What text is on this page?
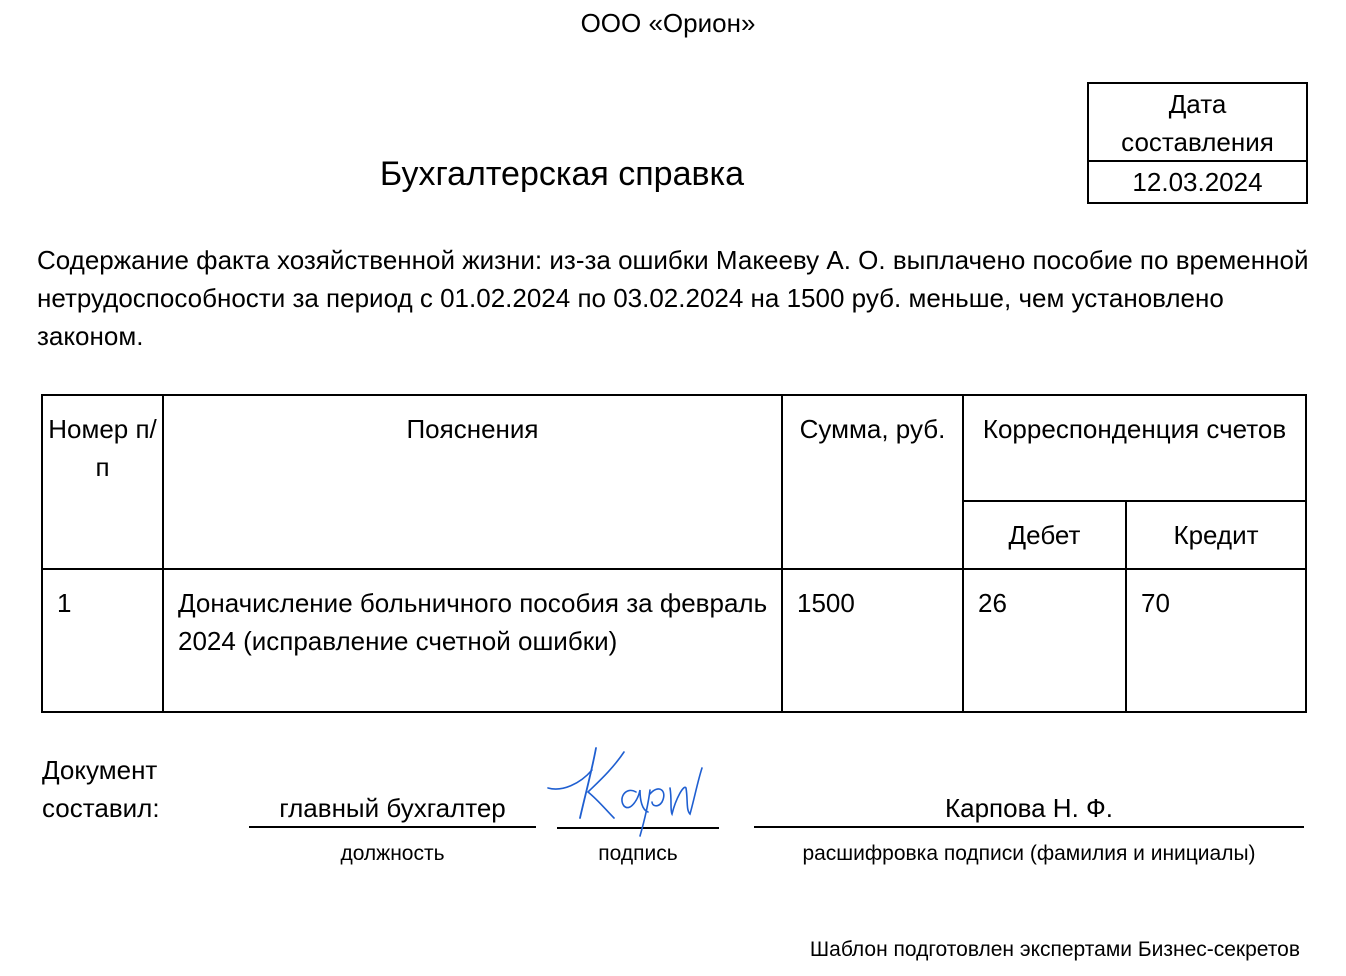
ООО «Орион»
Бухгалтерская справка
Дата
составления
12.03.2024
Содержание факта хозяйственной жизни: из-за ошибки Макееву А. О. выплачено пособие по временной нетрудоспособности за период с 01.02.2024 по 03.02.2024 на 1500 руб. меньше, чем установлено законом.
Номер п/п	Пояснения	Сумма, руб.	Корреспонденция счетов	
			Дебет	Кредит
1	Доначисление больничного пособия за февраль 2024 (исправление счетной ошибки)	1500	26	70
Документ
составил:	главный бухгалтер
должность	подпись
Карпова Н. Ф.
расшифровка подписи (фамилия и инициалы)
Шаблон подготовлен экспертами Бизнес-секретов
